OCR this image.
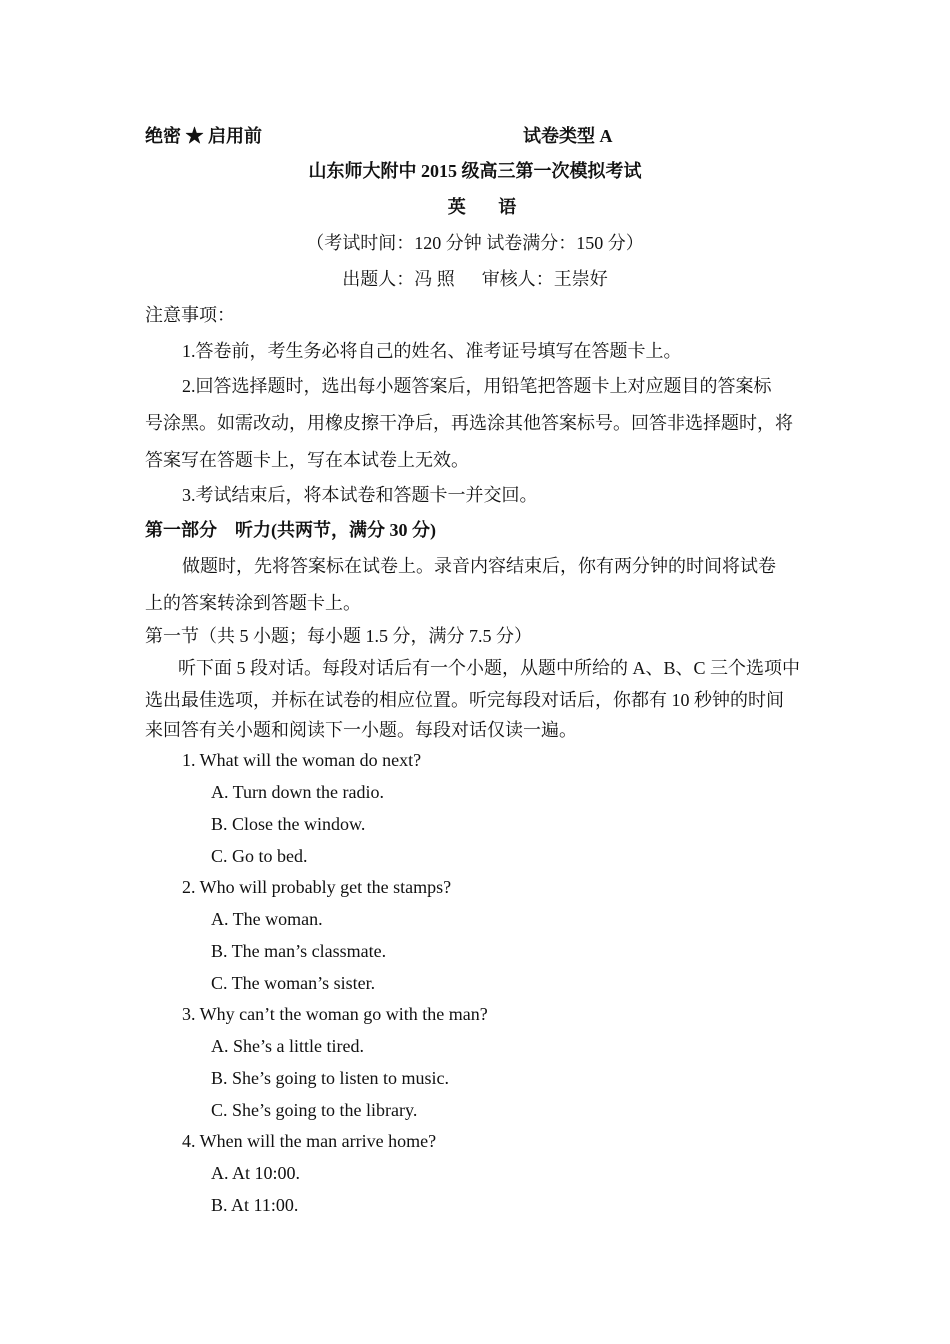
绝密 ★ 启用前	试卷类型 A
山东师大附中 2015 级高三第一次模拟考试
英 语
（考试时间：120 分钟 试卷满分：150 分）
出题人：冯 照      审核人：王崇好
注意事项：
1.答卷前，考生务必将自己的姓名、准考证号填写在答题卡上。
2.回答选择题时，选出每小题答案后，用铅笔把答题卡上对应题目的答案标
号涂黑。如需改动，用橡皮擦干净后，再选涂其他答案标号。回答非选择题时，将
答案写在答题卡上，写在本试卷上无效。
3.考试结束后，将本试卷和答题卡一并交回。
第一部分    听力(共两节，满分 30 分)
做题时，先将答案标在试卷上。录音内容结束后，你有两分钟的时间将试卷
上的答案转涂到答题卡上。
第一节（共 5 小题；每小题 1.5 分，满分 7.5 分）
听下面 5 段对话。每段对话后有一个小题，从题中所给的 A、B、C 三个选项中
选出最佳选项，并标在试卷的相应位置。听完每段对话后，你都有 10 秒钟的时间
来回答有关小题和阅读下一小题。每段对话仅读一遍。
1. What will the woman do next?
A. Turn down the radio.
B. Close the window.
C. Go to bed.
2. Who will probably get the stamps?
A. The woman.
B. The man’s classmate.
C. The woman’s sister.
3. Why can’t the woman go with the man?
A. She’s a little tired.
B. She’s going to listen to music.
C. She’s going to the library.
4. When will the man arrive home?
A. At 10:00.
B. At 11:00.
